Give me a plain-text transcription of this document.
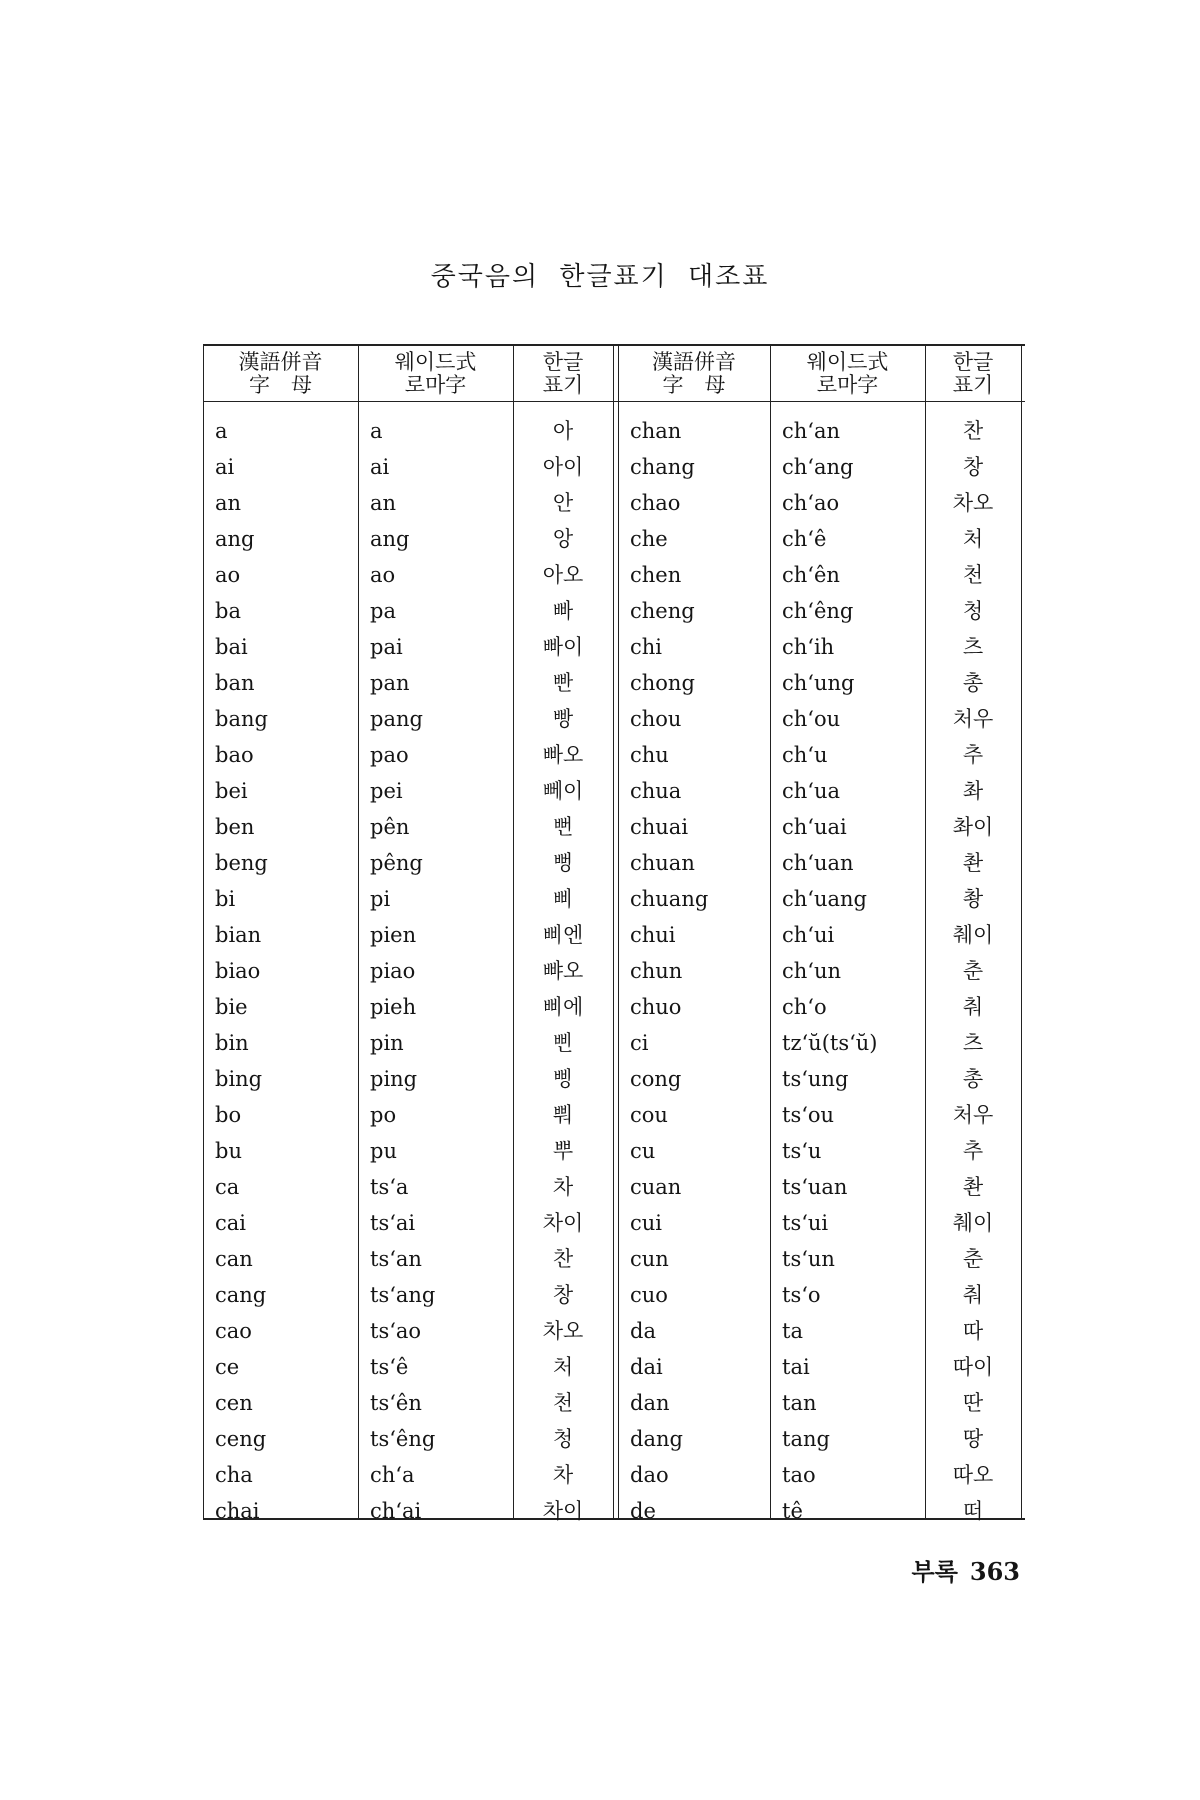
중국음의 한글표기 대조표
漢語併音
字　母
웨이드式
로마字
한글
표기
漢語併音
字　母
웨이드式
로마字
한글
표기
a
ai
an
ang
ao
ba
bai
ban
bang
bao
bei
ben
beng
bi
bian
biao
bie
bin
bing
bo
bu
ca
cai
can
cang
cao
ce
cen
ceng
cha
chai
a
ai
an
ang
ao
pa
pai
pan
pang
pao
pei
pên
pêng
pi
pien
piao
pieh
pin
ping
po
pu
ts‘a
ts‘ai
ts‘an
ts‘ang
ts‘ao
ts‘ê
ts‘ên
ts‘êng
ch‘a
ch‘ai
아
아이
안
앙
아오
빠
빠이
빤
빵
빠오
뻬이
뻔
뻥
삐
삐엔
뺘오
삐에
삔
삥
뿨
뿌
차
차이
찬
창
차오
처
천
청
차
차이
chan
chang
chao
che
chen
cheng
chi
chong
chou
chu
chua
chuai
chuan
chuang
chui
chun
chuo
ci
cong
cou
cu
cuan
cui
cun
cuo
da
dai
dan
dang
dao
de
ch‘an
ch‘ang
ch‘ao
ch‘ê
ch‘ên
ch‘êng
ch‘ih
ch‘ung
ch‘ou
ch‘u
ch‘ua
ch‘uai
ch‘uan
ch‘uang
ch‘ui
ch‘un
ch‘o
tz‘ŭ(ts‘ŭ)
ts‘ung
ts‘ou
ts‘u
ts‘uan
ts‘ui
ts‘un
ts‘o
ta
tai
tan
tang
tao
tê
찬
창
차오
처
천
청
츠
총
처우
추
촤
촤이
촨
촹
췌이
춘
춰
츠
총
처우
추
촨
췌이
춘
춰
따
따이
딴
땅
따오
떠
부록 363
